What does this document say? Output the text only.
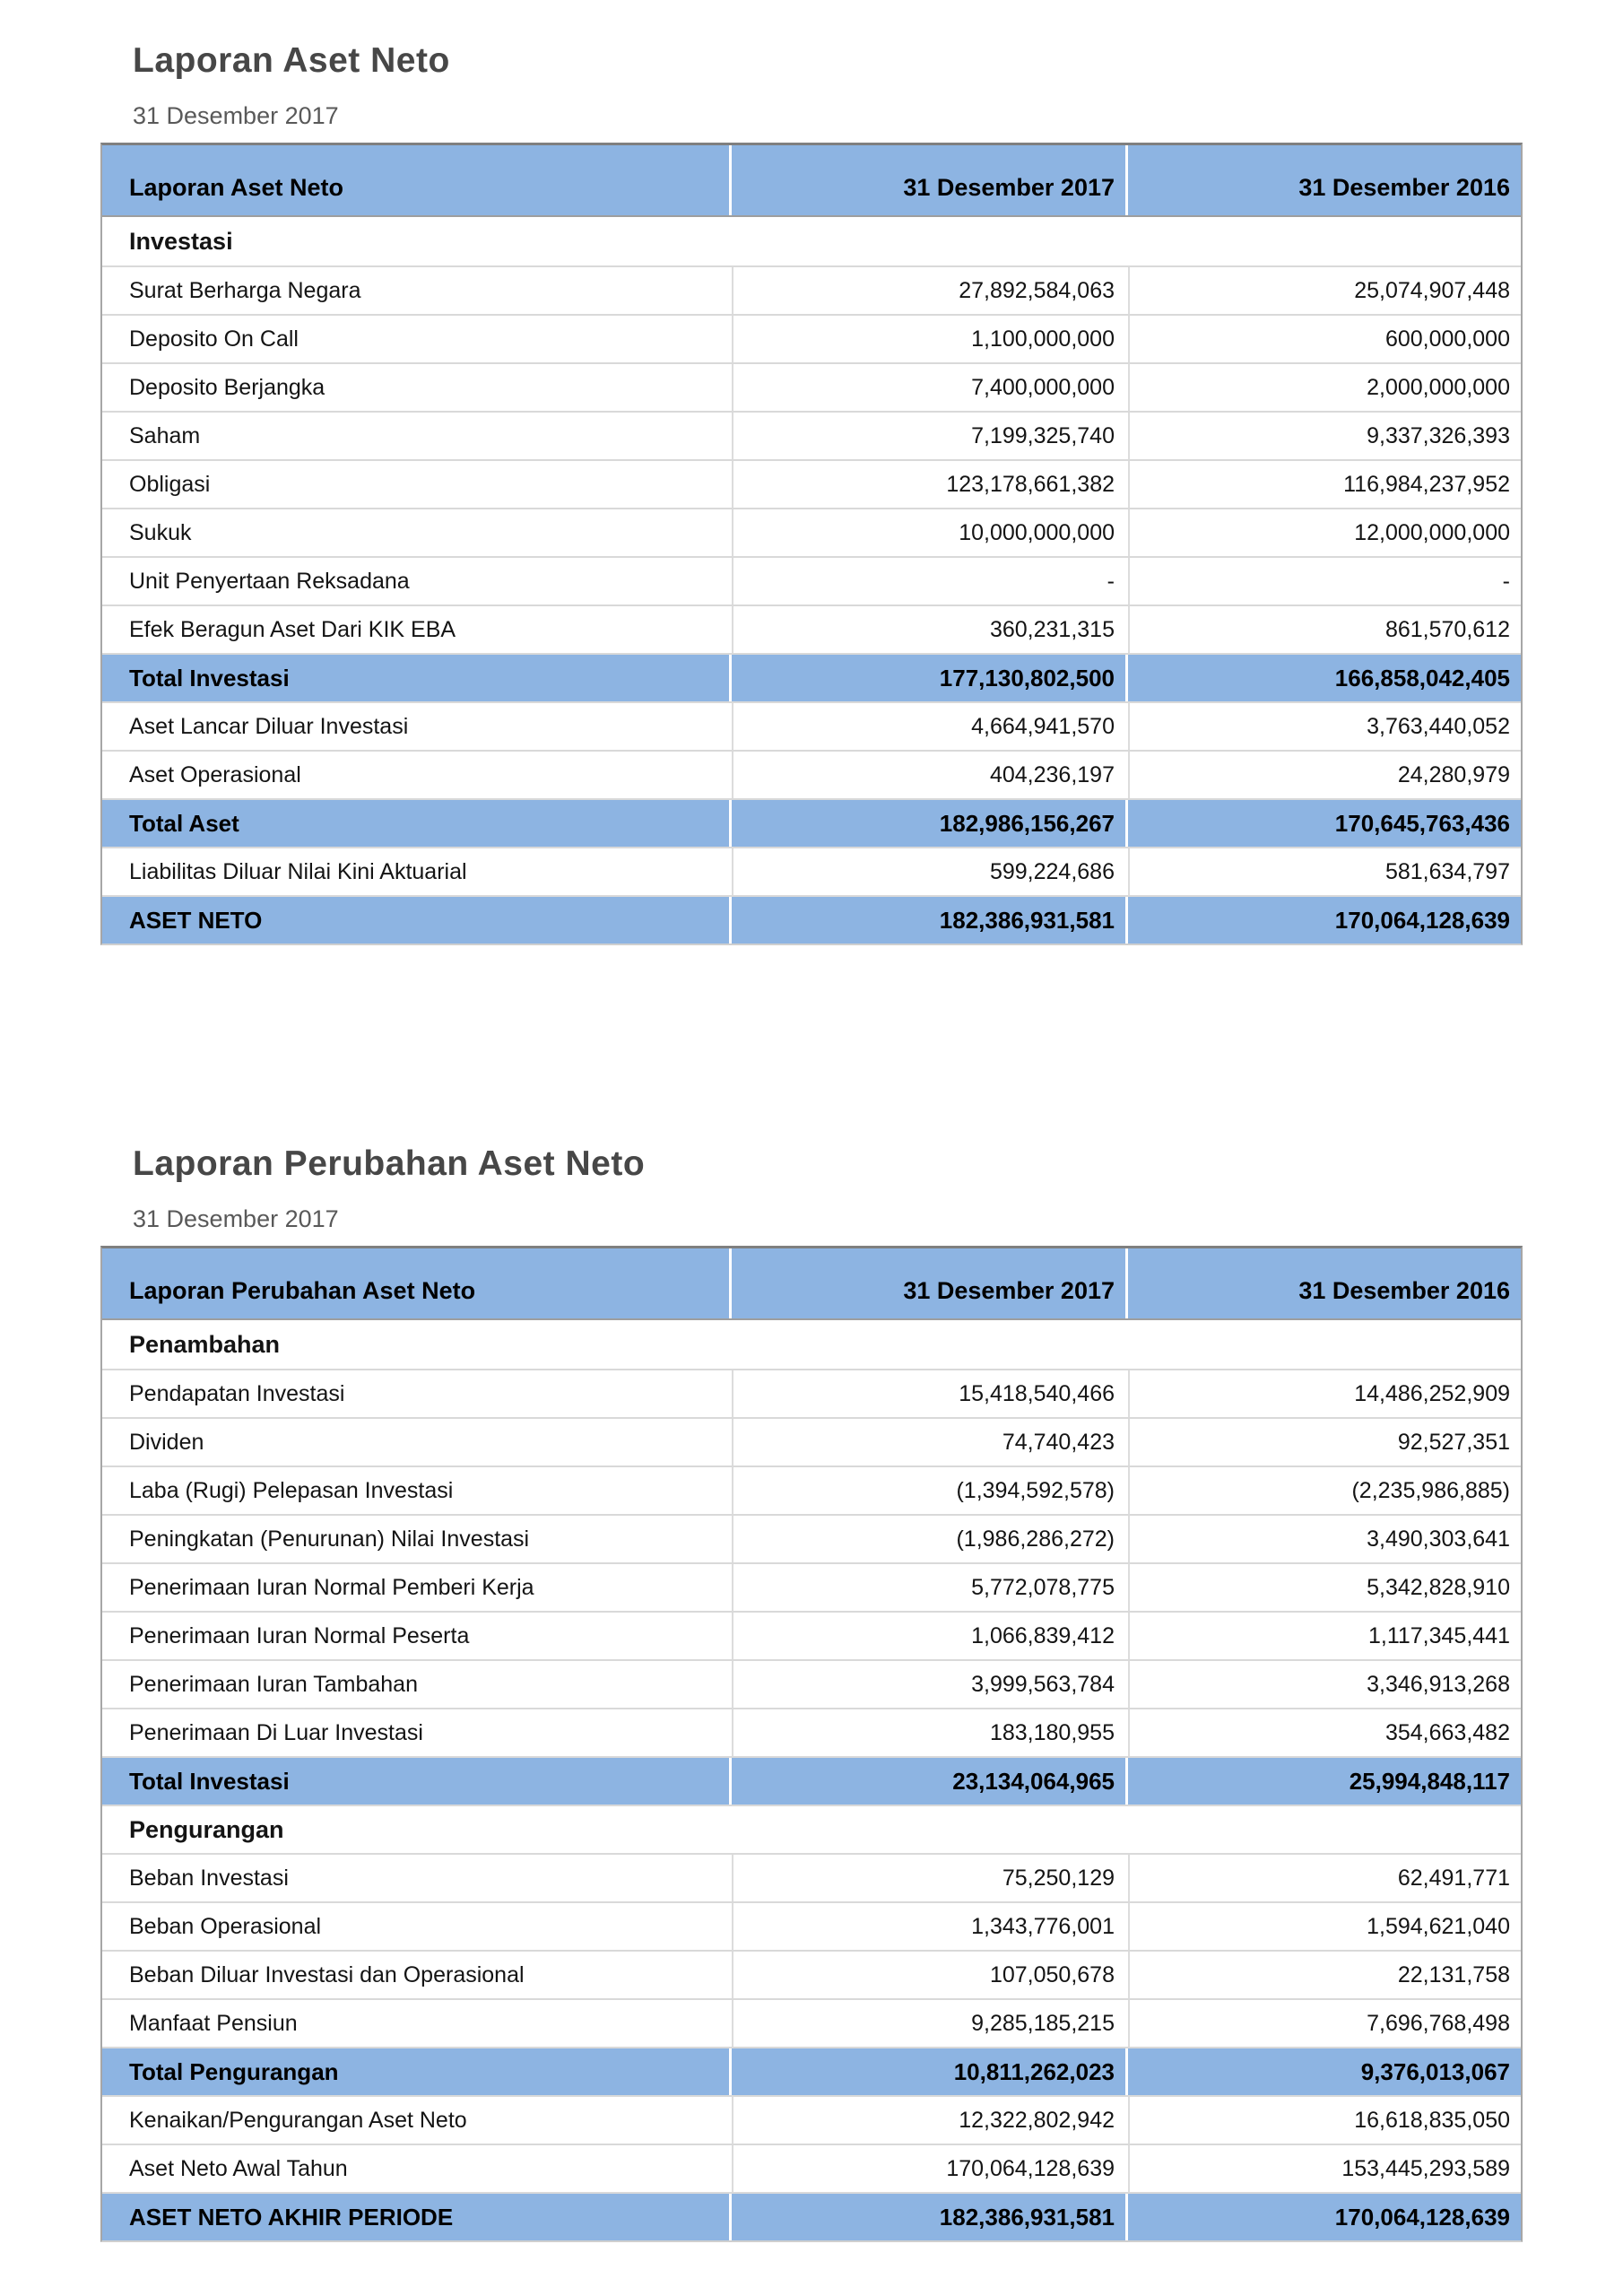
Laporan Aset Neto
31 Desember 2017
Laporan Aset Neto	31 Desember 2017	31 Desember 2016
Investasi
Surat Berharga Negara	27,892,584,063	25,074,907,448
Deposito On Call	1,100,000,000	600,000,000
Deposito Berjangka	7,400,000,000	2,000,000,000
Saham	7,199,325,740	9,337,326,393
Obligasi	123,178,661,382	116,984,237,952
Sukuk	10,000,000,000	12,000,000,000
Unit Penyertaan Reksadana	-	-
Efek Beragun Aset Dari KIK EBA	360,231,315	861,570,612
Total Investasi	177,130,802,500	166,858,042,405
Aset Lancar Diluar Investasi	4,664,941,570	3,763,440,052
Aset Operasional	404,236,197	24,280,979
Total Aset	182,986,156,267	170,645,763,436
Liabilitas Diluar Nilai Kini Aktuarial	599,224,686	581,634,797
ASET NETO	182,386,931,581	170,064,128,639
Laporan Perubahan Aset Neto
31 Desember 2017
Laporan Perubahan Aset Neto	31 Desember 2017	31 Desember 2016
Penambahan
Pendapatan Investasi	15,418,540,466	14,486,252,909
Dividen	74,740,423	92,527,351
Laba (Rugi) Pelepasan Investasi	(1,394,592,578)	(2,235,986,885)
Peningkatan (Penurunan) Nilai Investasi	(1,986,286,272)	3,490,303,641
Penerimaan Iuran Normal Pemberi Kerja	5,772,078,775	5,342,828,910
Penerimaan Iuran Normal Peserta	1,066,839,412	1,117,345,441
Penerimaan Iuran Tambahan	3,999,563,784	3,346,913,268
Penerimaan Di Luar Investasi	183,180,955	354,663,482
Total Investasi	23,134,064,965	25,994,848,117
Pengurangan
Beban Investasi	75,250,129	62,491,771
Beban Operasional	1,343,776,001	1,594,621,040
Beban Diluar Investasi dan Operasional	107,050,678	22,131,758
Manfaat Pensiun	9,285,185,215	7,696,768,498
Total Pengurangan	10,811,262,023	9,376,013,067
Kenaikan/Pengurangan Aset Neto	12,322,802,942	16,618,835,050
Aset Neto Awal Tahun	170,064,128,639	153,445,293,589
ASET NETO AKHIR PERIODE	182,386,931,581	170,064,128,639
